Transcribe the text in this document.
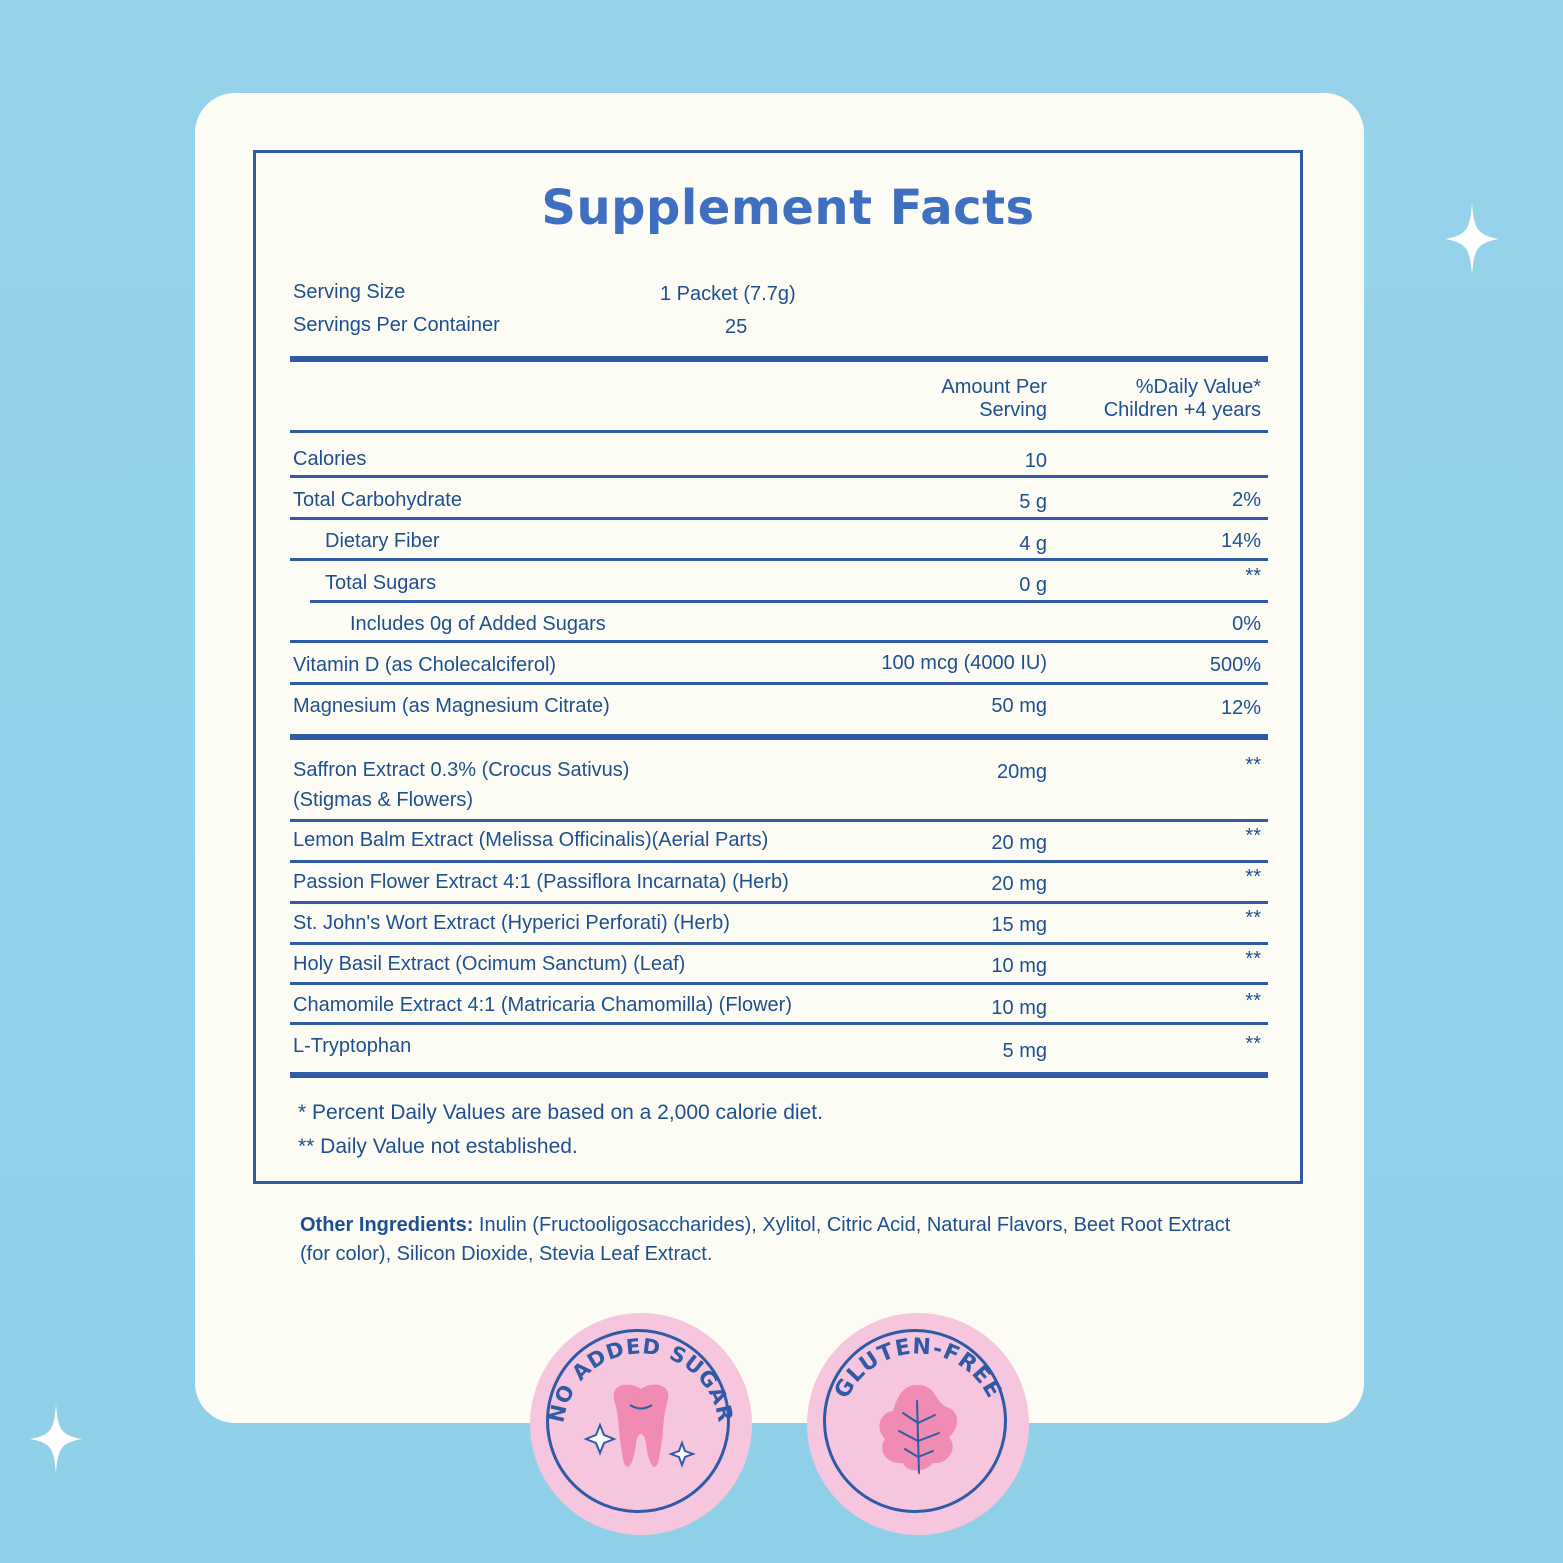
Supplement Facts
Serving Size	1 Packet (7.7g)
Servings Per Container	25
Amount Per
Serving
%Daily Value*
Children +4 years
Calories	10
Total Carbohydrate	5 g	2%
Dietary Fiber	4 g	14%
Total Sugars	0 g	**
Includes 0g of Added Sugars	0%
Vitamin D (as Cholecalciferol)	100 mcg (4000 IU)	500%
Magnesium (as Magnesium Citrate)	50 mg	12%
Saffron Extract 0.3% (Crocus Sativus)
(Stigmas & Flowers)
20mg	**
Lemon Balm Extract (Melissa Officinalis)(Aerial Parts)	20 mg	**
Passion Flower Extract 4:1 (Passiflora Incarnata) (Herb)	20 mg	**
St. John's Wort Extract (Hyperici Perforati) (Herb)	15 mg	**
Holy Basil Extract (Ocimum Sanctum) (Leaf)	10 mg	**
Chamomile Extract 4:1 (Matricaria Chamomilla) (Flower)	10 mg	**
L-Tryptophan	5 mg	**
* Percent Daily Values are based on a 2,000 calorie diet.
** Daily Value not established.
Other Ingredients: Inulin (Fructooligosaccharides), Xylitol, Citric Acid, Natural Flavors, Beet Root Extract (for color), Silicon Dioxide, Stevia Leaf Extract.
NO ADDED SUGAR
GLUTEN-FREE
